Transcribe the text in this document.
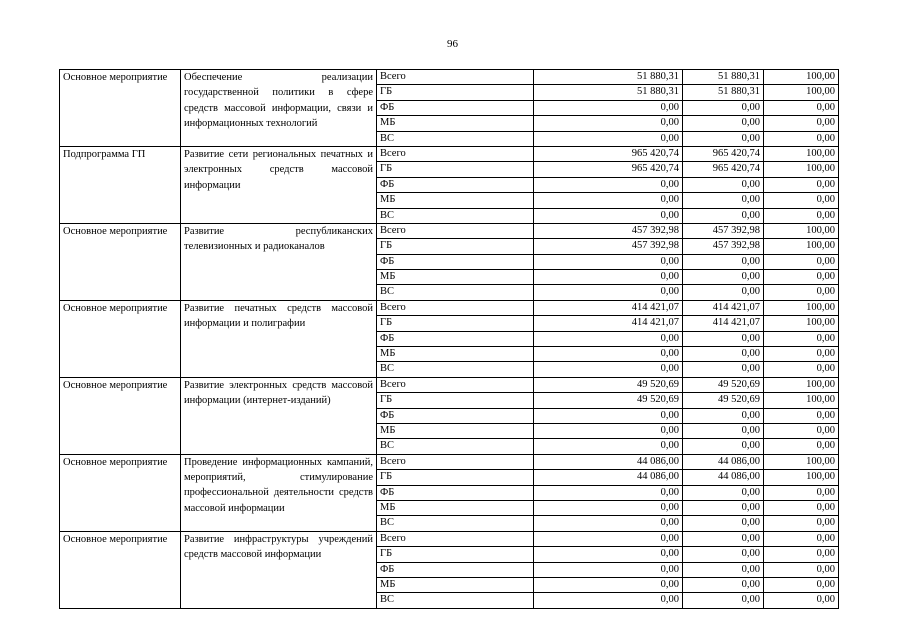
96
Основное мероприятие	Обеспечение реализации государственной политики в сфере средств массовой информации, связи и информационных технологий	Всего	51 880,31	51 880,31	100,00
		ГБ	51 880,31	51 880,31	100,00
		ФБ	0,00	0,00	0,00
		МБ	0,00	0,00	0,00
		ВС	0,00	0,00	0,00
Подпрограмма ГП	Развитие сети региональных печатных и электронных средств массовой информации	Всего	965 420,74	965 420,74	100,00
		ГБ	965 420,74	965 420,74	100,00
		ФБ	0,00	0,00	0,00
		МБ	0,00	0,00	0,00
		ВС	0,00	0,00	0,00
Основное мероприятие	Развитие республиканских телевизионных и радиоканалов	Всего	457 392,98	457 392,98	100,00
		ГБ	457 392,98	457 392,98	100,00
		ФБ	0,00	0,00	0,00
		МБ	0,00	0,00	0,00
		ВС	0,00	0,00	0,00
Основное мероприятие	Развитие печатных средств массовой информации и полиграфии	Всего	414 421,07	414 421,07	100,00
		ГБ	414 421,07	414 421,07	100,00
		ФБ	0,00	0,00	0,00
		МБ	0,00	0,00	0,00
		ВС	0,00	0,00	0,00
Основное мероприятие	Развитие электронных средств массовой информации (интернет-изданий)	Всего	49 520,69	49 520,69	100,00
		ГБ	49 520,69	49 520,69	100,00
		ФБ	0,00	0,00	0,00
		МБ	0,00	0,00	0,00
		ВС	0,00	0,00	0,00
Основное мероприятие	Проведение информационных кампаний, мероприятий, стимулирование профессиональной деятельности средств массовой информации	Всего	44 086,00	44 086,00	100,00
		ГБ	44 086,00	44 086,00	100,00
		ФБ	0,00	0,00	0,00
		МБ	0,00	0,00	0,00
		ВС	0,00	0,00	0,00
Основное мероприятие	Развитие инфраструктуры учреждений средств массовой информации	Всего	0,00	0,00	0,00
		ГБ	0,00	0,00	0,00
		ФБ	0,00	0,00	0,00
		МБ	0,00	0,00	0,00
		ВС	0,00	0,00	0,00
